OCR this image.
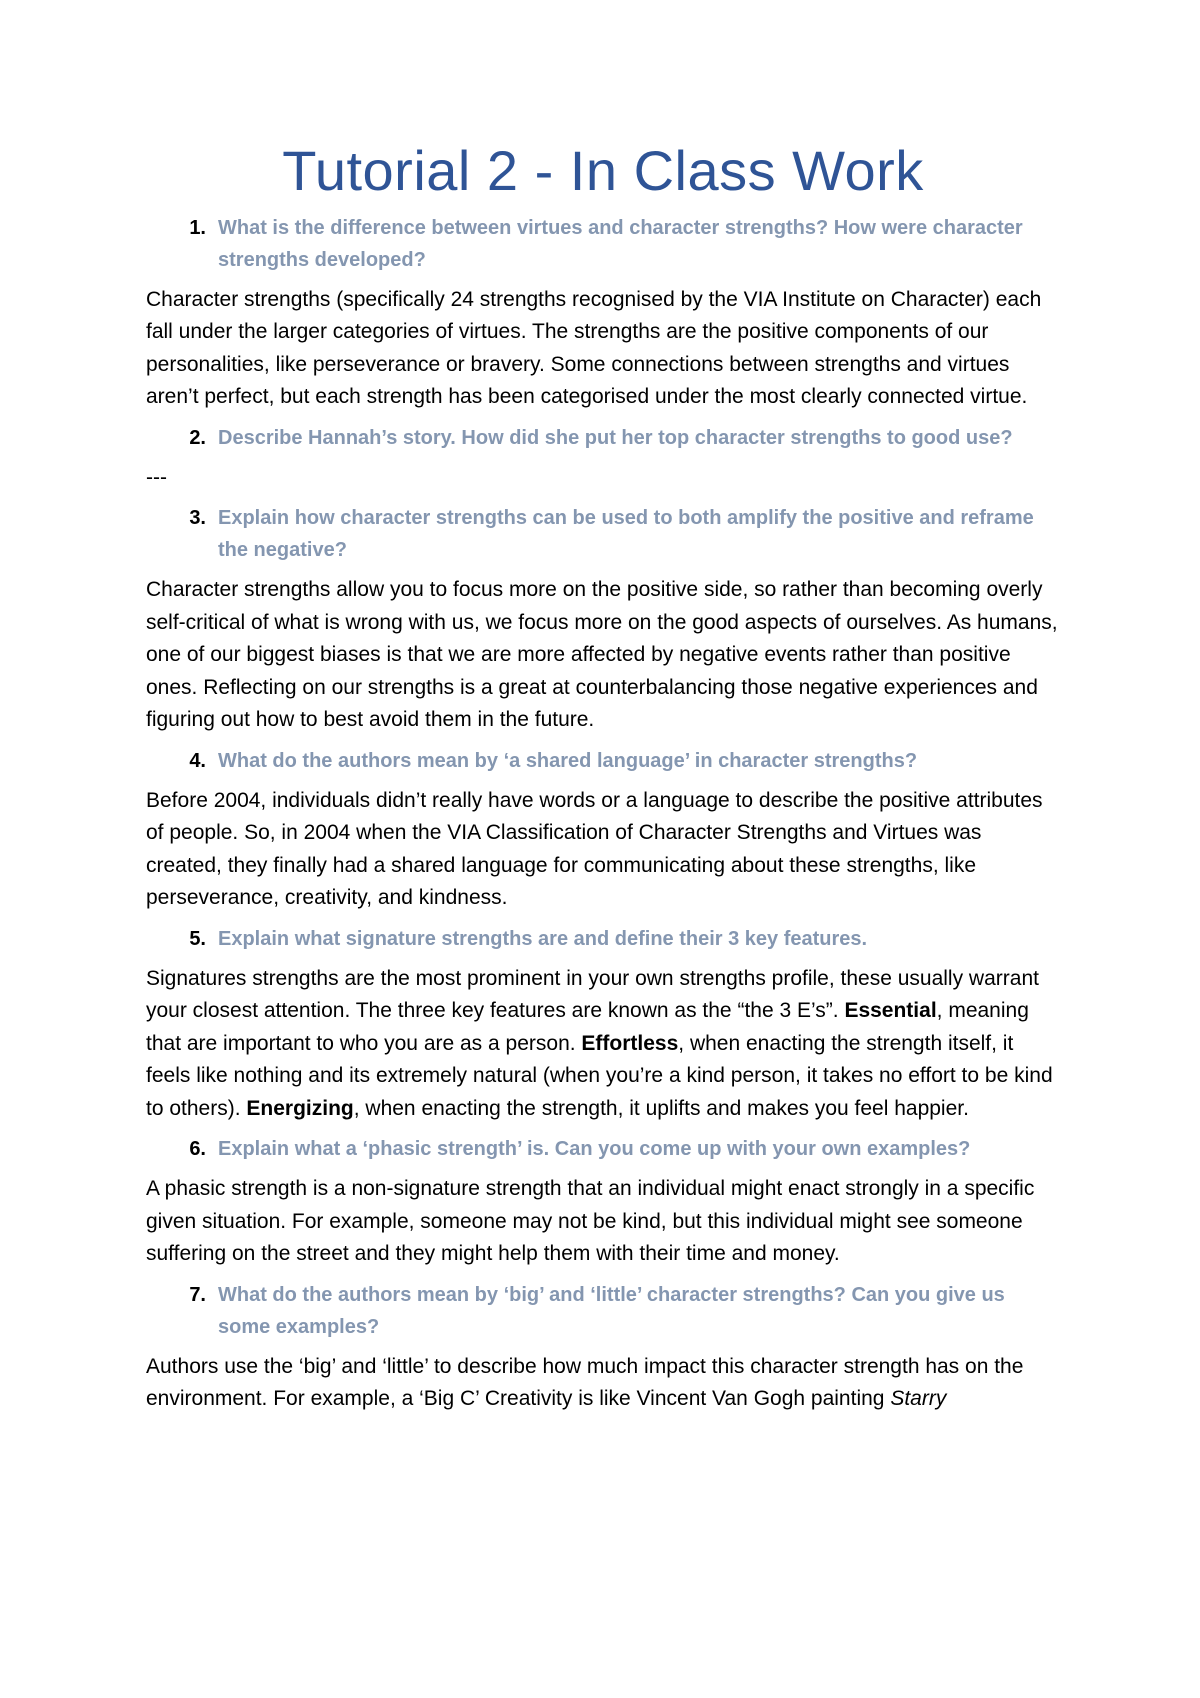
Tutorial 2 - In Class Work
1. What is the difference between virtues and character strengths? How were character strengths developed?

Character strengths (specifically 24 strengths recognised by the VIA Institute on Character) each fall under the larger categories of virtues. The strengths are the positive components of our personalities, like perseverance or bravery. Some connections between strengths and virtues aren’t perfect, but each strength has been categorised under the most clearly connected virtue.

2. Describe Hannah’s story. How did she put her top character strengths to good use?

---

3. Explain how character strengths can be used to both amplify the positive and reframe the negative?

Character strengths allow you to focus more on the positive side, so rather than becoming overly self-critical of what is wrong with us, we focus more on the good aspects of ourselves. As humans, one of our biggest biases is that we are more affected by negative events rather than positive ones. Reflecting on our strengths is a great at counterbalancing those negative experiences and figuring out how to best avoid them in the future.

4. What do the authors mean by ‘a shared language’ in character strengths?

Before 2004, individuals didn’t really have words or a language to describe the positive attributes of people. So, in 2004 when the VIA Classification of Character Strengths and Virtues was created, they finally had a shared language for communicating about these strengths, like perseverance, creativity, and kindness.

5. Explain what signature strengths are and define their 3 key features.

Signatures strengths are the most prominent in your own strengths profile, these usually warrant your closest attention. The three key features are known as the “the 3 E’s”. Essential, meaning that are important to who you are as a person. Effortless, when enacting the strength itself, it feels like nothing and its extremely natural (when you’re a kind person, it takes no effort to be kind to others). Energizing, when enacting the strength, it uplifts and makes you feel happier.

6. Explain what a ‘phasic strength’ is. Can you come up with your own examples?

A phasic strength is a non-signature strength that an individual might enact strongly in a specific given situation. For example, someone may not be kind, but this individual might see someone suffering on the street and they might help them with their time and money.

7. What do the authors mean by ‘big’ and ‘little’ character strengths? Can you give us some examples?

Authors use the ‘big’ and ‘little’ to describe how much impact this character strength has on the environment. For example, a ‘Big C’ Creativity is like Vincent Van Gogh painting Starry
